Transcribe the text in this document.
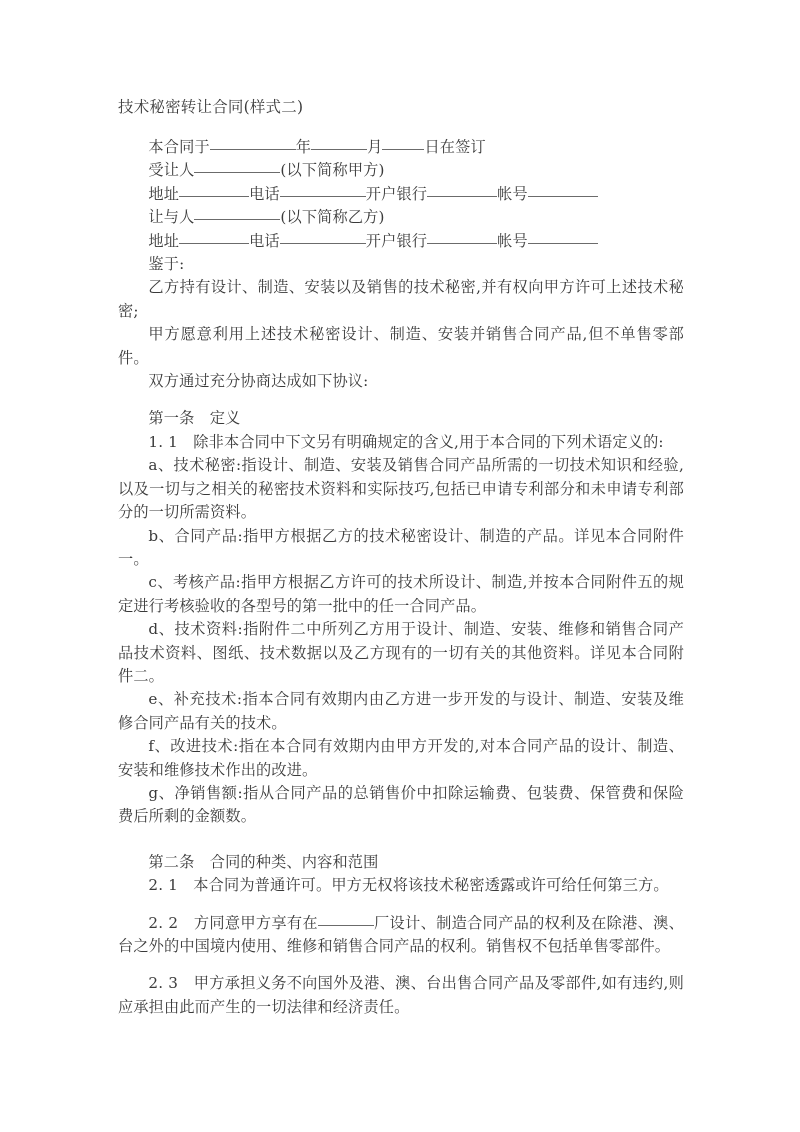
技术秘密转让合同(样式二)

本合同于	年	月	日在签订

受让人	(以下简称甲方)

地址	电话	开户银行	帐号

让与人	(以下简称乙方)

地址	电话	开户银行	帐号

鉴于:

乙方持有设计、制造、安装以及销售的技术秘密,并有权向甲方许可上述技术秘密;

甲方愿意利用上述技术秘密设计、制造、安装并销售合同产品,但不单售零部件。

双方通过充分协商达成如下协议:

第一条　定义

1. 1　除非本合同中下文另有明确规定的含义,用于本合同的下列术语定义的:

a、技术秘密:指设计、制造、安装及销售合同产品所需的一切技术知识和经验,以及一切与之相关的秘密技术资料和实际技巧,包括已申请专利部分和未申请专利部分的一切所需资料。

b、合同产品:指甲方根据乙方的技术秘密设计、制造的产品。详见本合同附件一。

c、考核产品:指甲方根据乙方许可的技术所设计、制造,并按本合同附件五的规定进行考核验收的各型号的第一批中的任一合同产品。

d、技术资料:指附件二中所列乙方用于设计、制造、安装、维修和销售合同产品技术资料、图纸、技术数据以及乙方现有的一切有关的其他资料。详见本合同附件二。

e、补充技术:指本合同有效期内由乙方进一步开发的与设计、制造、安装及维修合同产品有关的技术。

f、改进技术:指在本合同有效期内由甲方开发的,对本合同产品的设计、制造、安装和维修技术作出的改进。

g、净销售额:指从合同产品的总销售价中扣除运输费、包装费、保管费和保险费后所剩的金额数。

第二条　合同的种类、内容和范围

2. 1　本合同为普通许可。甲方无权将该技术秘密透露或许可给任何第三方。

2. 2　方同意甲方享有在	厂设计、制造合同产品的权利及在除港、澳、台之外的中国境内使用、维修和销售合同产品的权利。销售权不包括单售零部件。

2. 3　甲方承担义务不向国外及港、澳、台出售合同产品及零部件,如有违约,则应承担由此而产生的一切法律和经济责任。
